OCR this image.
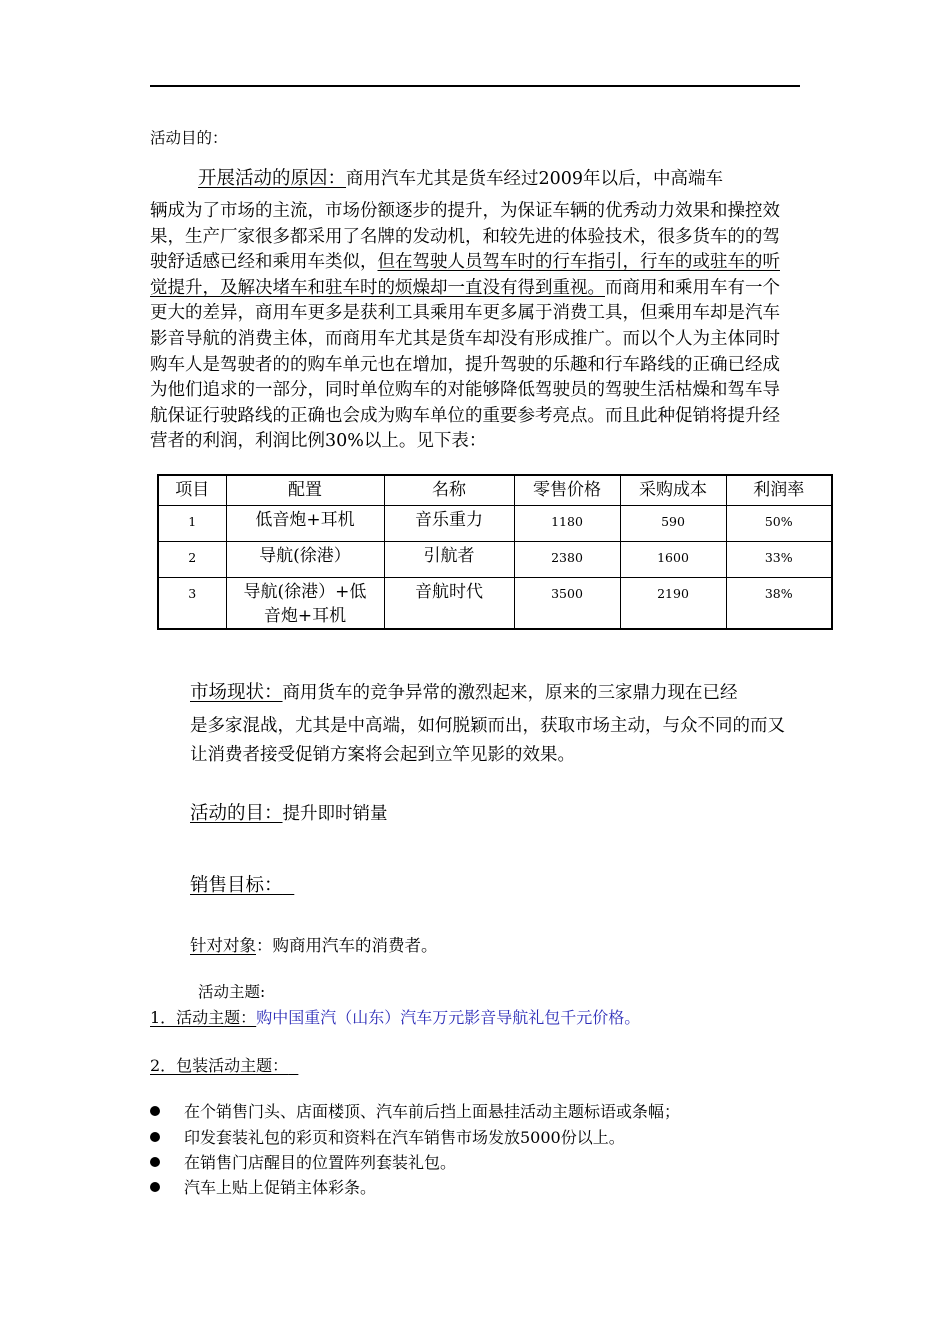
活动目的：
开展活动的原因：商用汽车尤其是货车经过2009年以后，中高端车
辆成为了市场的主流，市场份额逐步的提升，为保证车辆的优秀动力效果和操控效果，生产厂家很多都采用了名牌的发动机，和较先进的体验技术，很多货车的的驾驶舒适感已经和乘用车类似，但在驾驶人员驾车时的行车指引，行车的或驻车的听觉提升，及解决堵车和驻车时的烦燥却一直没有得到重视。而商用和乘用车有一个更大的差异，商用车更多是获利工具乘用车更多属于消费工具，但乘用车却是汽车影音导航的消费主体，而商用车尤其是货车却没有形成推广。而以个人为主体同时购车人是驾驶者的的购车单元也在增加，提升驾驶的乐趣和行车路线的正确已经成为他们追求的一部分，同时单位购车的对能够降低驾驶员的驾驶生活枯燥和驾车导航保证行驶路线的正确也会成为购车单位的重要参考亮点。而且此种促销将提升经营者的利润，利润比例30%以上。见下表：
项目	配置	名称	零售价格	采购成本	利润率
1	低音炮+耳机	音乐重力	1180	590	50%
2	导航(徐港）	引航者	2380	1600	33%
3	导航(徐港）+低音炮+耳机	音航时代	3500	2190	38%
市场现状：商用货车的竞争异常的激烈起来，原来的三家鼎力现在已经
是多家混战，尤其是中高端，如何脱颖而出，获取市场主动，与众不同的而又让消费者接受促销方案将会起到立竿见影的效果。
活动的目：提升即时销量
销售目标：
针对对象：购商用汽车的消费者。
活动主题:
1．活动主题：购中国重汽（山东）汽车万元影音导航礼包千元价格。
2．包装活动主题：
在个销售门头、店面楼顶、汽车前后挡上面悬挂活动主题标语或条幅；
印发套装礼包的彩页和资料在汽车销售市场发放5000份以上。
在销售门店醒目的位置阵列套装礼包。
汽车上贴上促销主体彩条。
